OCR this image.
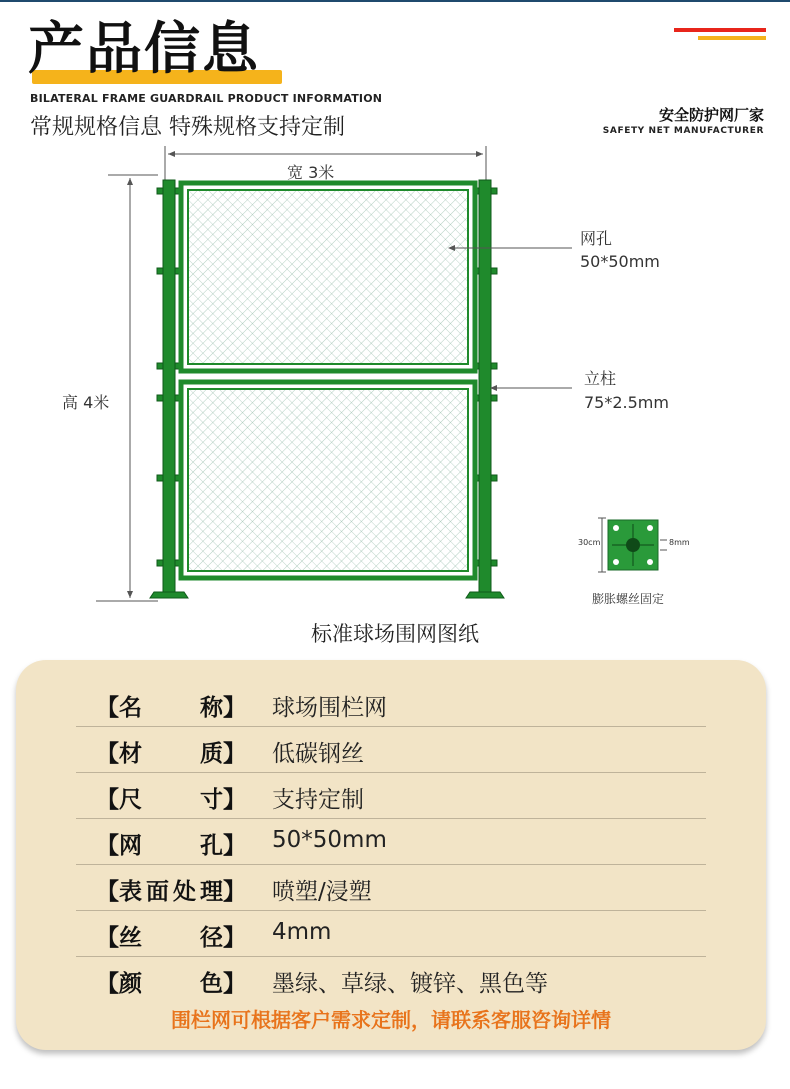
产品信息
BILATERAL FRAME GUARDRAIL PRODUCT INFORMATION
常规规格信息 特殊规格支持定制	安全防护网厂家
SAFETY NET MANUFACTURER
宽 3米
高 4米
网孔
50*50mm
立柱
75*2.5mm
30cm	8mm
膨胀螺丝固定
标准球场围网图纸
【名称】 球场围栏网
【材质】 低碳钢丝
【尺寸】 支持定制
【网孔】 50*50mm
【表面处理】 喷塑/浸塑
【丝径】 4mm
【颜色】 墨绿、草绿、镀锌、黑色等
围栏网可根据客户需求定制，请联系客服咨询详情
